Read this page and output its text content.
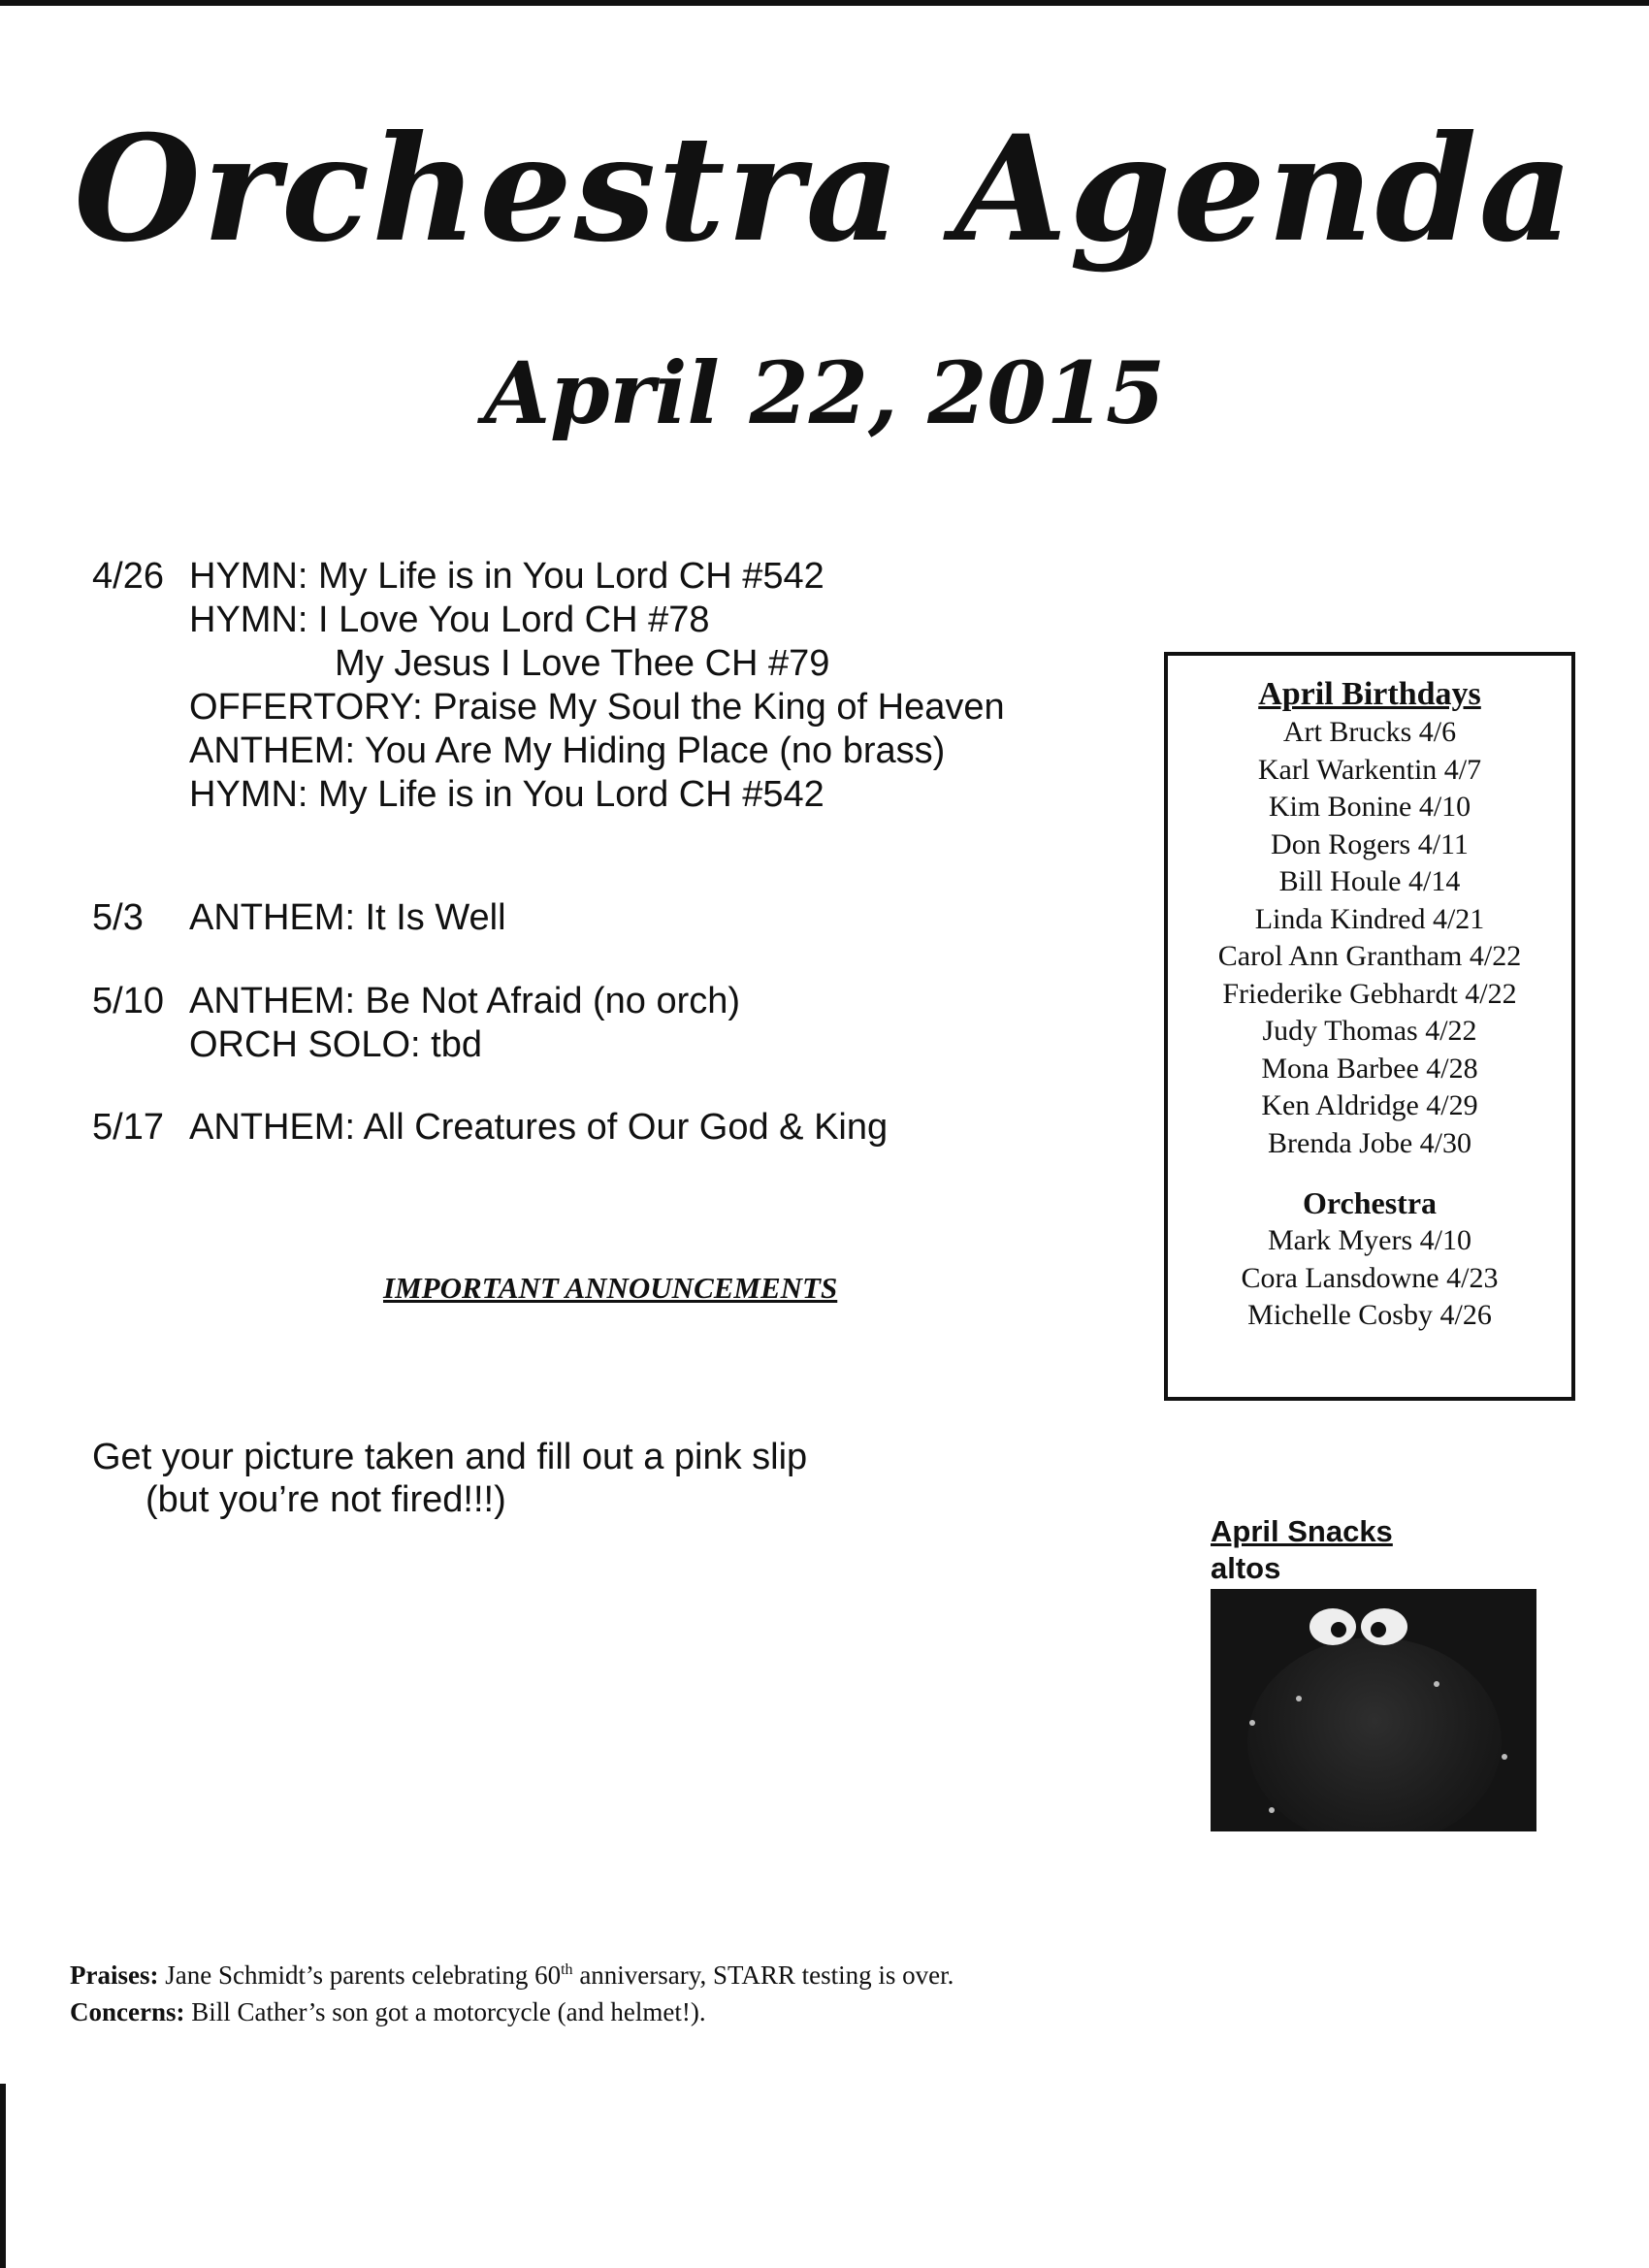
Orchestra Agenda
April 22, 2015
4/26 HYMN: My Life is in You Lord CH #542
HYMN: I Love You Lord CH #78
My Jesus I Love Thee CH #79
OFFERTORY: Praise My Soul the King of Heaven
ANTHEM: You Are My Hiding Place (no brass)
HYMN: My Life is in You Lord CH #542
5/3 ANTHEM: It Is Well
5/10 ANTHEM: Be Not Afraid (no orch)
ORCH SOLO: tbd
5/17 ANTHEM: All Creatures of Our God & King
IMPORTANT ANNOUNCEMENTS
Get your picture taken and fill out a pink slip
(but you’re not fired!!!)
April Birthdays
Art Brucks 4/6
Karl Warkentin 4/7
Kim Bonine 4/10
Don Rogers 4/11
Bill Houle 4/14
Linda Kindred 4/21
Carol Ann Grantham 4/22
Friederike Gebhardt 4/22
Judy Thomas 4/22
Mona Barbee 4/28
Ken Aldridge 4/29
Brenda Jobe 4/30
Orchestra
Mark Myers 4/10
Cora Lansdowne 4/23
Michelle Cosby 4/26
April Snacks
altos
Praises: Jane Schmidt’s parents celebrating 60th anniversary, STARR testing is over.
Concerns: Bill Cather’s son got a motorcycle (and helmet!).
